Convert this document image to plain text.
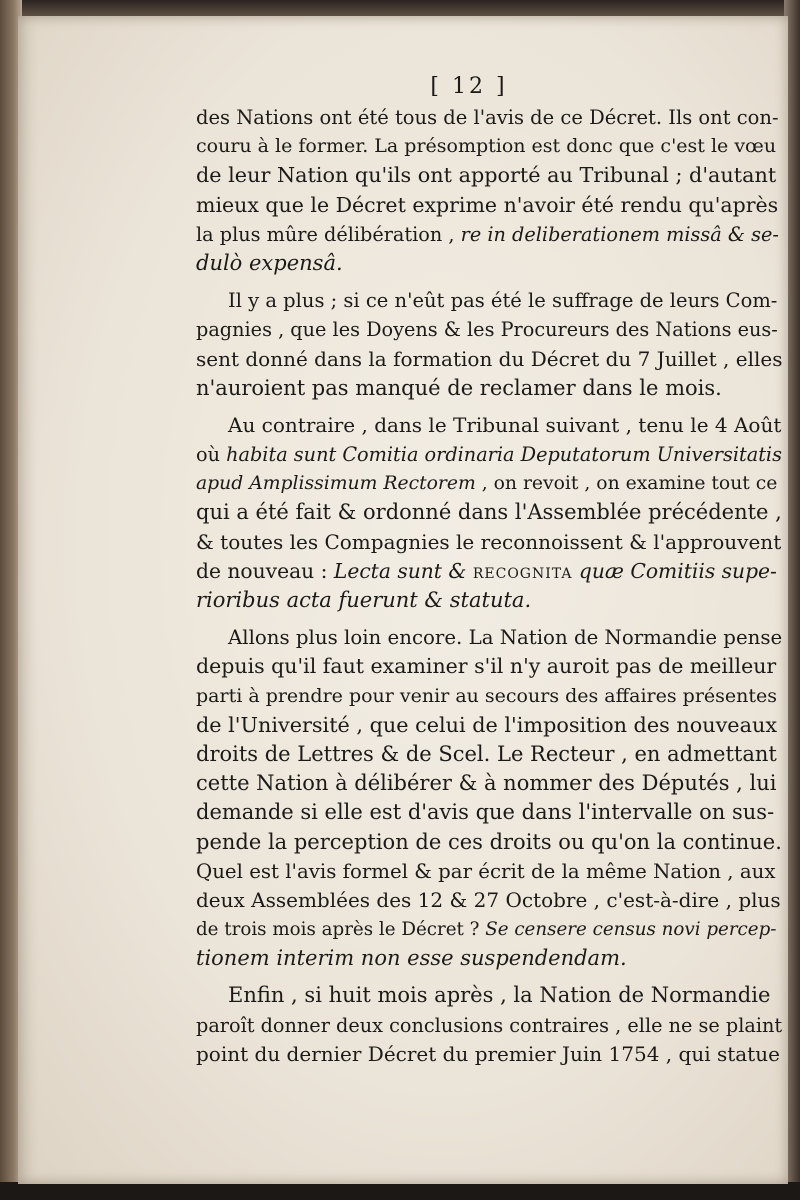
[ 12 ]
des Nations ont été tous de l'avis de ce Décret. Ils ont con-
couru à le former. La présomption est donc que c'est le vœu
de leur Nation qu'ils ont apporté au Tribunal ; d'autant
mieux que le Décret exprime n'avoir été rendu qu'après
la plus mûre délibération , re in deliberationem missâ & se-
dulò expensâ.
Il y a plus ; si ce n'eût pas été le suffrage de leurs Com-
pagnies , que les Doyens & les Procureurs des Nations eus-
sent donné dans la formation du Décret du 7 Juillet , elles
n'auroient pas manqué de reclamer dans le mois.
Au contraire , dans le Tribunal suivant , tenu le 4 Août
où habita sunt Comitia ordinaria Deputatorum Universitatis
apud Amplissimum Rectorem , on revoit , on examine tout ce
qui a été fait & ordonné dans l'Assemblée précédente ,
& toutes les Compagnies le reconnoissent & l'approuvent
de nouveau : Lecta sunt & recognita quæ Comitiis supe-
rioribus acta fuerunt & statuta.
Allons plus loin encore. La Nation de Normandie pense
depuis qu'il faut examiner s'il n'y auroit pas de meilleur
parti à prendre pour venir au secours des affaires présentes
de l'Université , que celui de l'imposition des nouveaux
droits de Lettres & de Scel. Le Recteur , en admettant
cette Nation à délibérer & à nommer des Députés , lui
demande si elle est d'avis que dans l'intervalle on sus-
pende la perception de ces droits ou qu'on la continue.
Quel est l'avis formel & par écrit de la même Nation , aux
deux Assemblées des 12 & 27 Octobre , c'est-à-dire , plus
de trois mois après le Décret ? Se censere census novi percep-
tionem interim non esse suspendendam.
Enfin , si huit mois après , la Nation de Normandie
paroît donner deux conclusions contraires , elle ne se plaint
point du dernier Décret du premier Juin 1754 , qui statue
